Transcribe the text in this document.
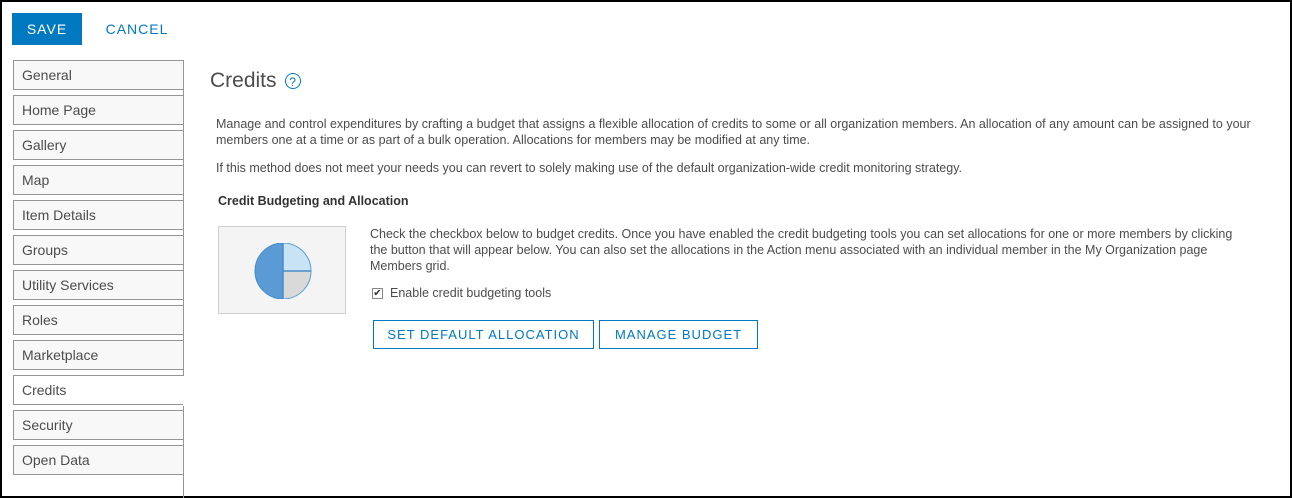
SAVE	CANCEL
General
Home Page
Gallery
Map
Item Details
Groups
Utility Services
Roles
Marketplace
Credits
Security
Open Data
Credits	?
Manage and control expenditures by crafting a budget that assigns a flexible allocation of credits to some or all organization members. An allocation of any amount can be assigned to your members one at a time or as part of a bulk operation. Allocations for members may be modified at any time.
If this method does not meet your needs you can revert to solely making use of the default organization-wide credit monitoring strategy.
Credit Budgeting and Allocation
Check the checkbox below to budget credits. Once you have enabled the credit budgeting tools you can set allocations for one or more members by clicking the button that will appear below. You can also set the allocations in the Action menu associated with an individual member in the My Organization page Members grid.
✔ Enable credit budgeting tools
SET DEFAULT ALLOCATION	MANAGE BUDGET
